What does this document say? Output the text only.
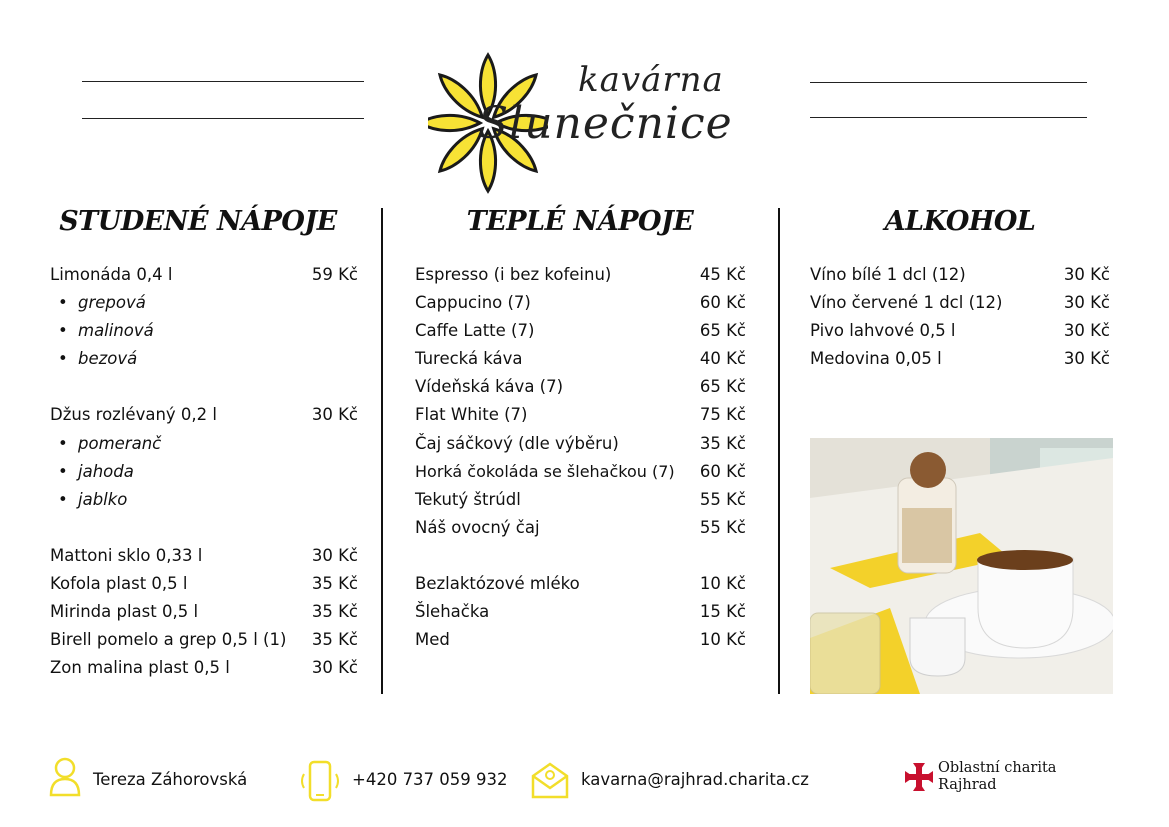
kavárna
Slunečnice
STUDENÉ NÁPOJE	TEPLÉ NÁPOJE	ALKOHOL
Limonáda 0,4 l	59 Kč
• grepová
• malinová
• bezová
Džus rozlévaný 0,2 l	30 Kč
• pomeranč
• jahoda
• jablko
Mattoni sklo 0,33 l	30 Kč
Kofola plast 0,5 l	35 Kč
Mirinda plast 0,5 l	35 Kč
Birell pomelo a grep 0,5 l (1)	35 Kč
Zon malina plast 0,5 l	30 Kč
Espresso (i bez kofeinu)	45 Kč
Cappucino (7)	60 Kč
Caffe Latte (7)	65 Kč
Turecká káva	40 Kč
Vídeňská káva (7)	65 Kč
Flat White (7)	75 Kč
Čaj sáčkový (dle výběru)	35 Kč
Horká čokoláda se šlehačkou (7)	60 Kč
Tekutý štrúdl	55 Kč
Náš ovocný čaj	55 Kč
Bezlaktózové mléko	10 Kč
Šlehačka	15 Kč
Med	10 Kč
Víno bílé 1 dcl (12)	30 Kč
Víno červené 1 dcl (12)	30 Kč
Pivo lahvové 0,5 l	30 Kč
Medovina 0,05 l	30 Kč
Tereza Záhorovská	+420 737 059 932	kavarna@rajhrad.charita.cz
Oblastní charita
Rajhrad
